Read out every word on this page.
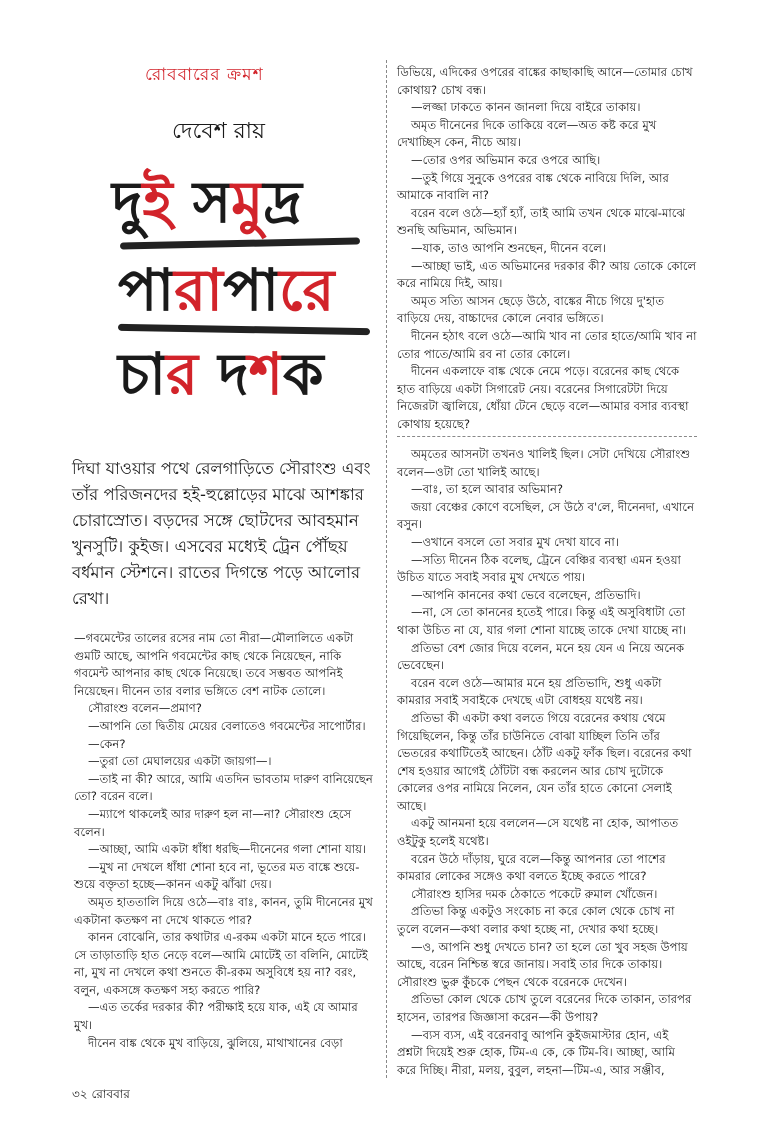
রোববারের ক্রমশ
দেবেশ রায়
দুই সমুদ্র
পারাপারে
চার দশক
দিঘা যাওয়ার পথে রেলগাড়িতে সৌরাংশু এবং তাঁর পরিজনদের হই-হুল্লোড়ের মাঝে আশঙ্কার চোরাস্রোত। বড়দের সঙ্গে ছোটদের আবহমান খুনসুটি। কুইজ। এসবের মধ্যেই ট্রেন পৌঁছয় বর্ধমান স্টেশনে। রাতের দিগন্তে পড়ে আলোর রেখা।

—গবমেন্টের তালের রসের নাম তো নীরা—মৌলালিতে একটা গুমটি আছে, আপনি গবমেন্টের কাছ থেকে নিয়েছেন, নাকি গবমেন্ট আপনার কাছ থেকে নিয়েছে। তবে সম্ভবত আপনিই নিয়েছেন। দীনেন তার বলার ভঙ্গিতে বেশ নাটক তোলে।

সৌরাংশু বলেন—প্রমাণ?

—আপনি তো দ্বিতীয় মেয়ের বেলাতেও গবমেন্টের সাপোর্টার।

—কেন?

—তুরা তো মেঘালয়ের একটা জায়গা—।

—তাই না কী? আরে, আমি এতদিন ভাবতাম দারুণ বানিয়েছেন তো? বরেন বলে।

—ম্যাপে থাকলেই আর দারুণ হল না—না? সৌরাংশু হেসে বলেন।

—আচ্ছা, আমি একটা ধাঁধা ধরছি—দীনেনের গলা শোনা যায়।

—মুখ না দেখলে ধাঁধা শোনা হবে না, ভূতের মত বাঙ্কে শুয়ে-শুয়ে বক্তৃতা হচ্ছে—কানন একটু ঝাঁঝা দেয়।

অমৃত হাততালি দিয়ে ওঠে—বাঃ বাঃ, কানন, তুমি দীনেনের মুখ একটানা কতক্ষণ না দেখে থাকতে পার?

কানন বোঝেনি, তার কথাটার এ-রকম একটা মানে হতে পারে। সে তাড়াতাড়ি হাত নেড়ে বলে—আমি মোটেই তা বলিনি, মোটেই না, মুখ না দেখলে কথা শুনতে কী-রকম অসুবিধে হয় না? বরং, বলুন, একসঙ্গে কতক্ষণ সহ্য করতে পারি?

—এত তর্কের দরকার কী? পরীক্ষাই হয়ে যাক, এই যে আমার মুখ।

দীনেন বাঙ্ক থেকে মুখ বাড়িয়ে, ঝুলিয়ে, মাথাখানের বেড়া

ডিভিয়ে, এদিকের ওপরের বাঙ্কের কাছাকাছি আনে—তোমার চোখ কোথায়? চোখ বন্ধ।

—লজ্জা ঢাকতে কানন জানলা দিয়ে বাইরে তাকায়।

অমৃত দীনেনের দিকে তাকিয়ে বলে—অত কষ্ট করে মুখ দেখাচ্ছিস কেন, নীচে আয়।

—তোর ওপর অভিমান করে ওপরে আছি।

—তুই গিয়ে সুনুকে ওপরের বাঙ্ক থেকে নাবিয়ে দিলি, আর আমাকে নাবালি না?

বরেন বলে ওঠে—হ্যাঁ হ্যাঁ, তাই আমি তখন থেকে মাঝে-মাঝে শুনছি অভিমান, অভিমান।

—যাক, তাও আপনি শুনছেন, দীনেন বলে।

—আচ্ছা ভাই, এত অভিমানের দরকার কী? আয় তোকে কোলে করে নামিয়ে দিই, আয়।

অমৃত সত্যি আসন ছেড়ে উঠে, বাঙ্কের নীচে গিয়ে দু'হাত বাড়িয়ে দেয়, বাচ্চাদের কোলে নেবার ভঙ্গিতে।

দীনেন হঠাৎ বলে ওঠে—আমি খাব না তোর হাতে/আমি খাব না তোর পাতে/আমি রব না তোর কোলে।

দীনেন একলাফে বাঙ্ক থেকে নেমে পড়ে। বরেনের কাছ থেকে হাত বাড়িয়ে একটা সিগারেট নেয়। বরেনের সিগারেটটা দিয়ে নিজেরটা জ্বালিয়ে, ধোঁয়া টেনে ছেড়ে বলে—আমার বসার ব্যবস্থা কোথায় হয়েছে?

অমৃতের আসনটা তখনও খালিই ছিল। সেটা দেখিয়ে সৌরাংশু বলেন—ওটা তো খালিই আছে।

—বাঃ, তা হলে আবার অভিমান?

জয়া বেঞ্চের কোণে বসেছিল, সে উঠে ব'লে, দীনেনদা, এখানে বসুন।

—ওখানে বসলে তো সবার মুখ দেখা যাবে না।

—সত্যি দীনেন ঠিক বলেছ, ট্রেনে বেঞ্চির ব্যবস্থা এমন হওয়া উচিত যাতে সবাই সবার মুখ দেখতে পায়।

—আপনি কাননের কথা ভেবে বলেছেন, প্রতিভাদি।

—না, সে তো কাননের হতেই পারে। কিন্তু এই অসুবিধাটা তো থাকা উচিত না যে, যার গলা শোনা যাচ্ছে তাকে দেখা যাচ্ছে না।

প্রতিভা বেশ জোর দিয়ে বলেন, মনে হয় যেন এ নিয়ে অনেক ভেবেছেন।

বরেন বলে ওঠে—আমার মনে হয় প্রতিভাদি, শুধু একটা কামরার সবাই সবাইকে দেখছে এটা বোধহয় যথেষ্ট নয়।

প্রতিভা কী একটা কথা বলতে গিয়ে বরেনের কথায় থেমে গিয়েছিলেন, কিন্তু তাঁর চাউনিতে বোঝা যাচ্ছিল তিনি তাঁর ভেতরের কথাটিতেই আছেন। ঠোঁট একটু ফাঁক ছিল। বরেনের কথা শেষ হওয়ার আগেই ঠোঁটটা বন্ধ করলেন আর চোখ দুটোকে কোলের ওপর নামিয়ে নিলেন, যেন তাঁর হাতে কোনো সেলাই আছে।

একটু আনমনা হয়ে বললেন—সে যথেষ্ট না হোক, আপাতত ওইটুকু হলেই যথেষ্ট।

বরেন উঠে দাঁড়ায়, ঘুরে বলে—কিন্তু আপনার তো পাশের কামরার লোকের সঙ্গেও কথা বলতে ইচ্ছে করতে পারে?

সৌরাংশু হাসির দমক ঠেকাতে পকেটে রুমাল খোঁজেন।

প্রতিভা কিন্তু একটুও সংকোচ না করে কোল থেকে চোখ না তুলে বলেন—কথা বলার কথা হচ্ছে না, দেখার কথা হচ্ছে।

—ও, আপনি শুধু দেখতে চান? তা হলে তো খুব সহজ উপায় আছে, বরেন নিশ্চিন্ত স্বরে জানায়। সবাই তার দিকে তাকায়। সৌরাংশু ভুরু কুঁচকে পেছন থেকে বরেনকে দেখেন।

প্রতিভা কোল থেকে চোখ তুলে বরেনের দিকে তাকান, তারপর হাসেন, তারপর জিজ্ঞাসা করেন—কী উপায়?

—ব্যস ব্যস, এই বরেনবাবু আপনি কুইজমাস্টার হোন, এই প্রশ্নটা দিয়েই শুরু হোক, টিম-এ কে, কে টিম-বি। আচ্ছা, আমি করে দিচ্ছি। নীরা, মলয়, বুবুল, লহনা—টিম-এ, আর সঞ্জীব,

৩২ রোববার
